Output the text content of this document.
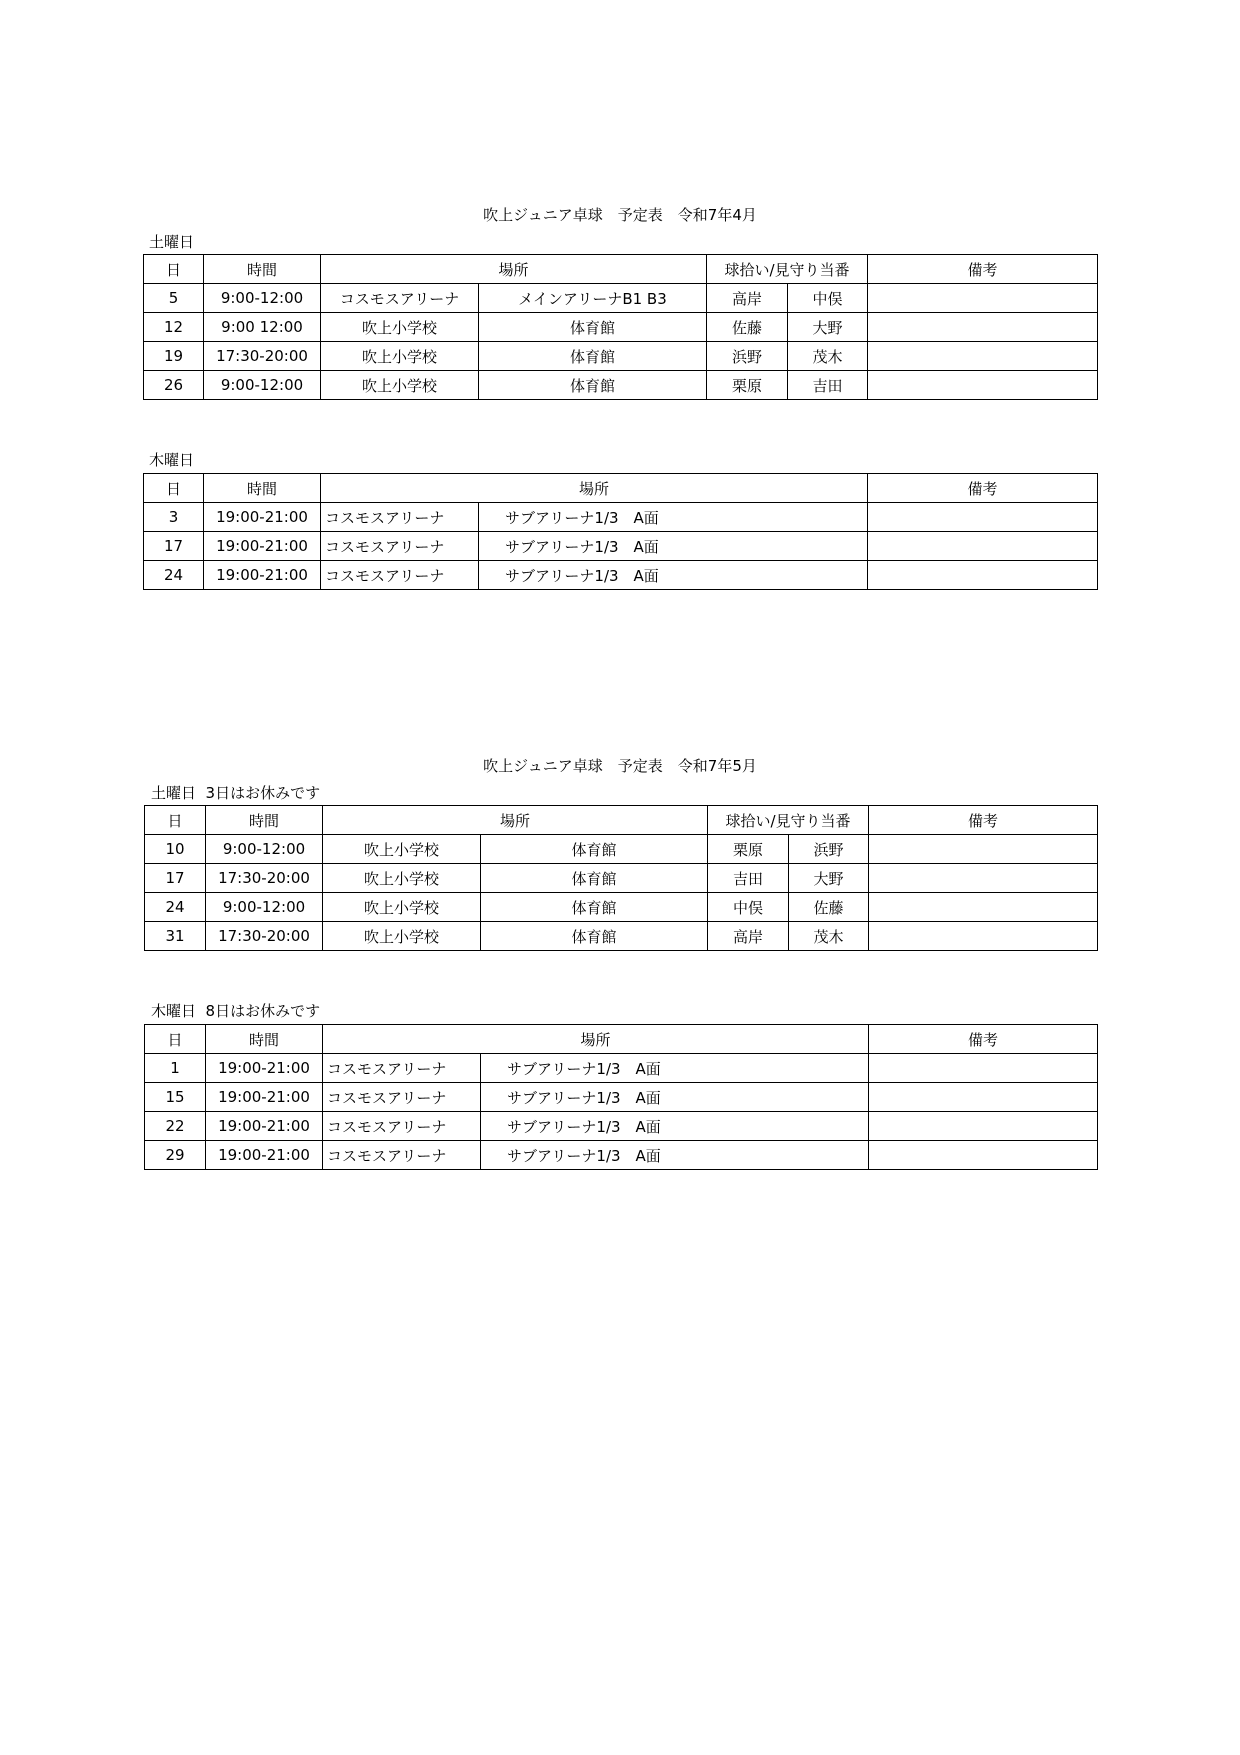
吹上ジュニア卓球　予定表　令和7年4月
土曜日
日	時間	場所		球拾い/見守り当番		備考
5	9:00-12:00	コスモスアリーナ	メインアリーナB1 B3	高岸	中俣	
12	9:00 12:00	吹上小学校	体育館	佐藤	大野	
19	17:30-20:00	吹上小学校	体育館	浜野	茂木	
26	9:00-12:00	吹上小学校	体育館	栗原	吉田	
木曜日
日	時間	場所		備考
3	19:00-21:00	コスモスアリーナ	サブアリーナ1/3　A面	
17	19:00-21:00	コスモスアリーナ	サブアリーナ1/3　A面	
24	19:00-21:00	コスモスアリーナ	サブアリーナ1/3　A面	
吹上ジュニア卓球　予定表　令和7年5月
土曜日  3日はお休みです
日	時間	場所		球拾い/見守り当番		備考
10	9:00-12:00	吹上小学校	体育館	栗原	浜野	
17	17:30-20:00	吹上小学校	体育館	吉田	大野	
24	9:00-12:00	吹上小学校	体育館	中俣	佐藤	
31	17:30-20:00	吹上小学校	体育館	高岸	茂木	
木曜日  8日はお休みです
日	時間	場所		備考
1	19:00-21:00	コスモスアリーナ	サブアリーナ1/3　A面	
15	19:00-21:00	コスモスアリーナ	サブアリーナ1/3　A面	
22	19:00-21:00	コスモスアリーナ	サブアリーナ1/3　A面	
29	19:00-21:00	コスモスアリーナ	サブアリーナ1/3　A面	
